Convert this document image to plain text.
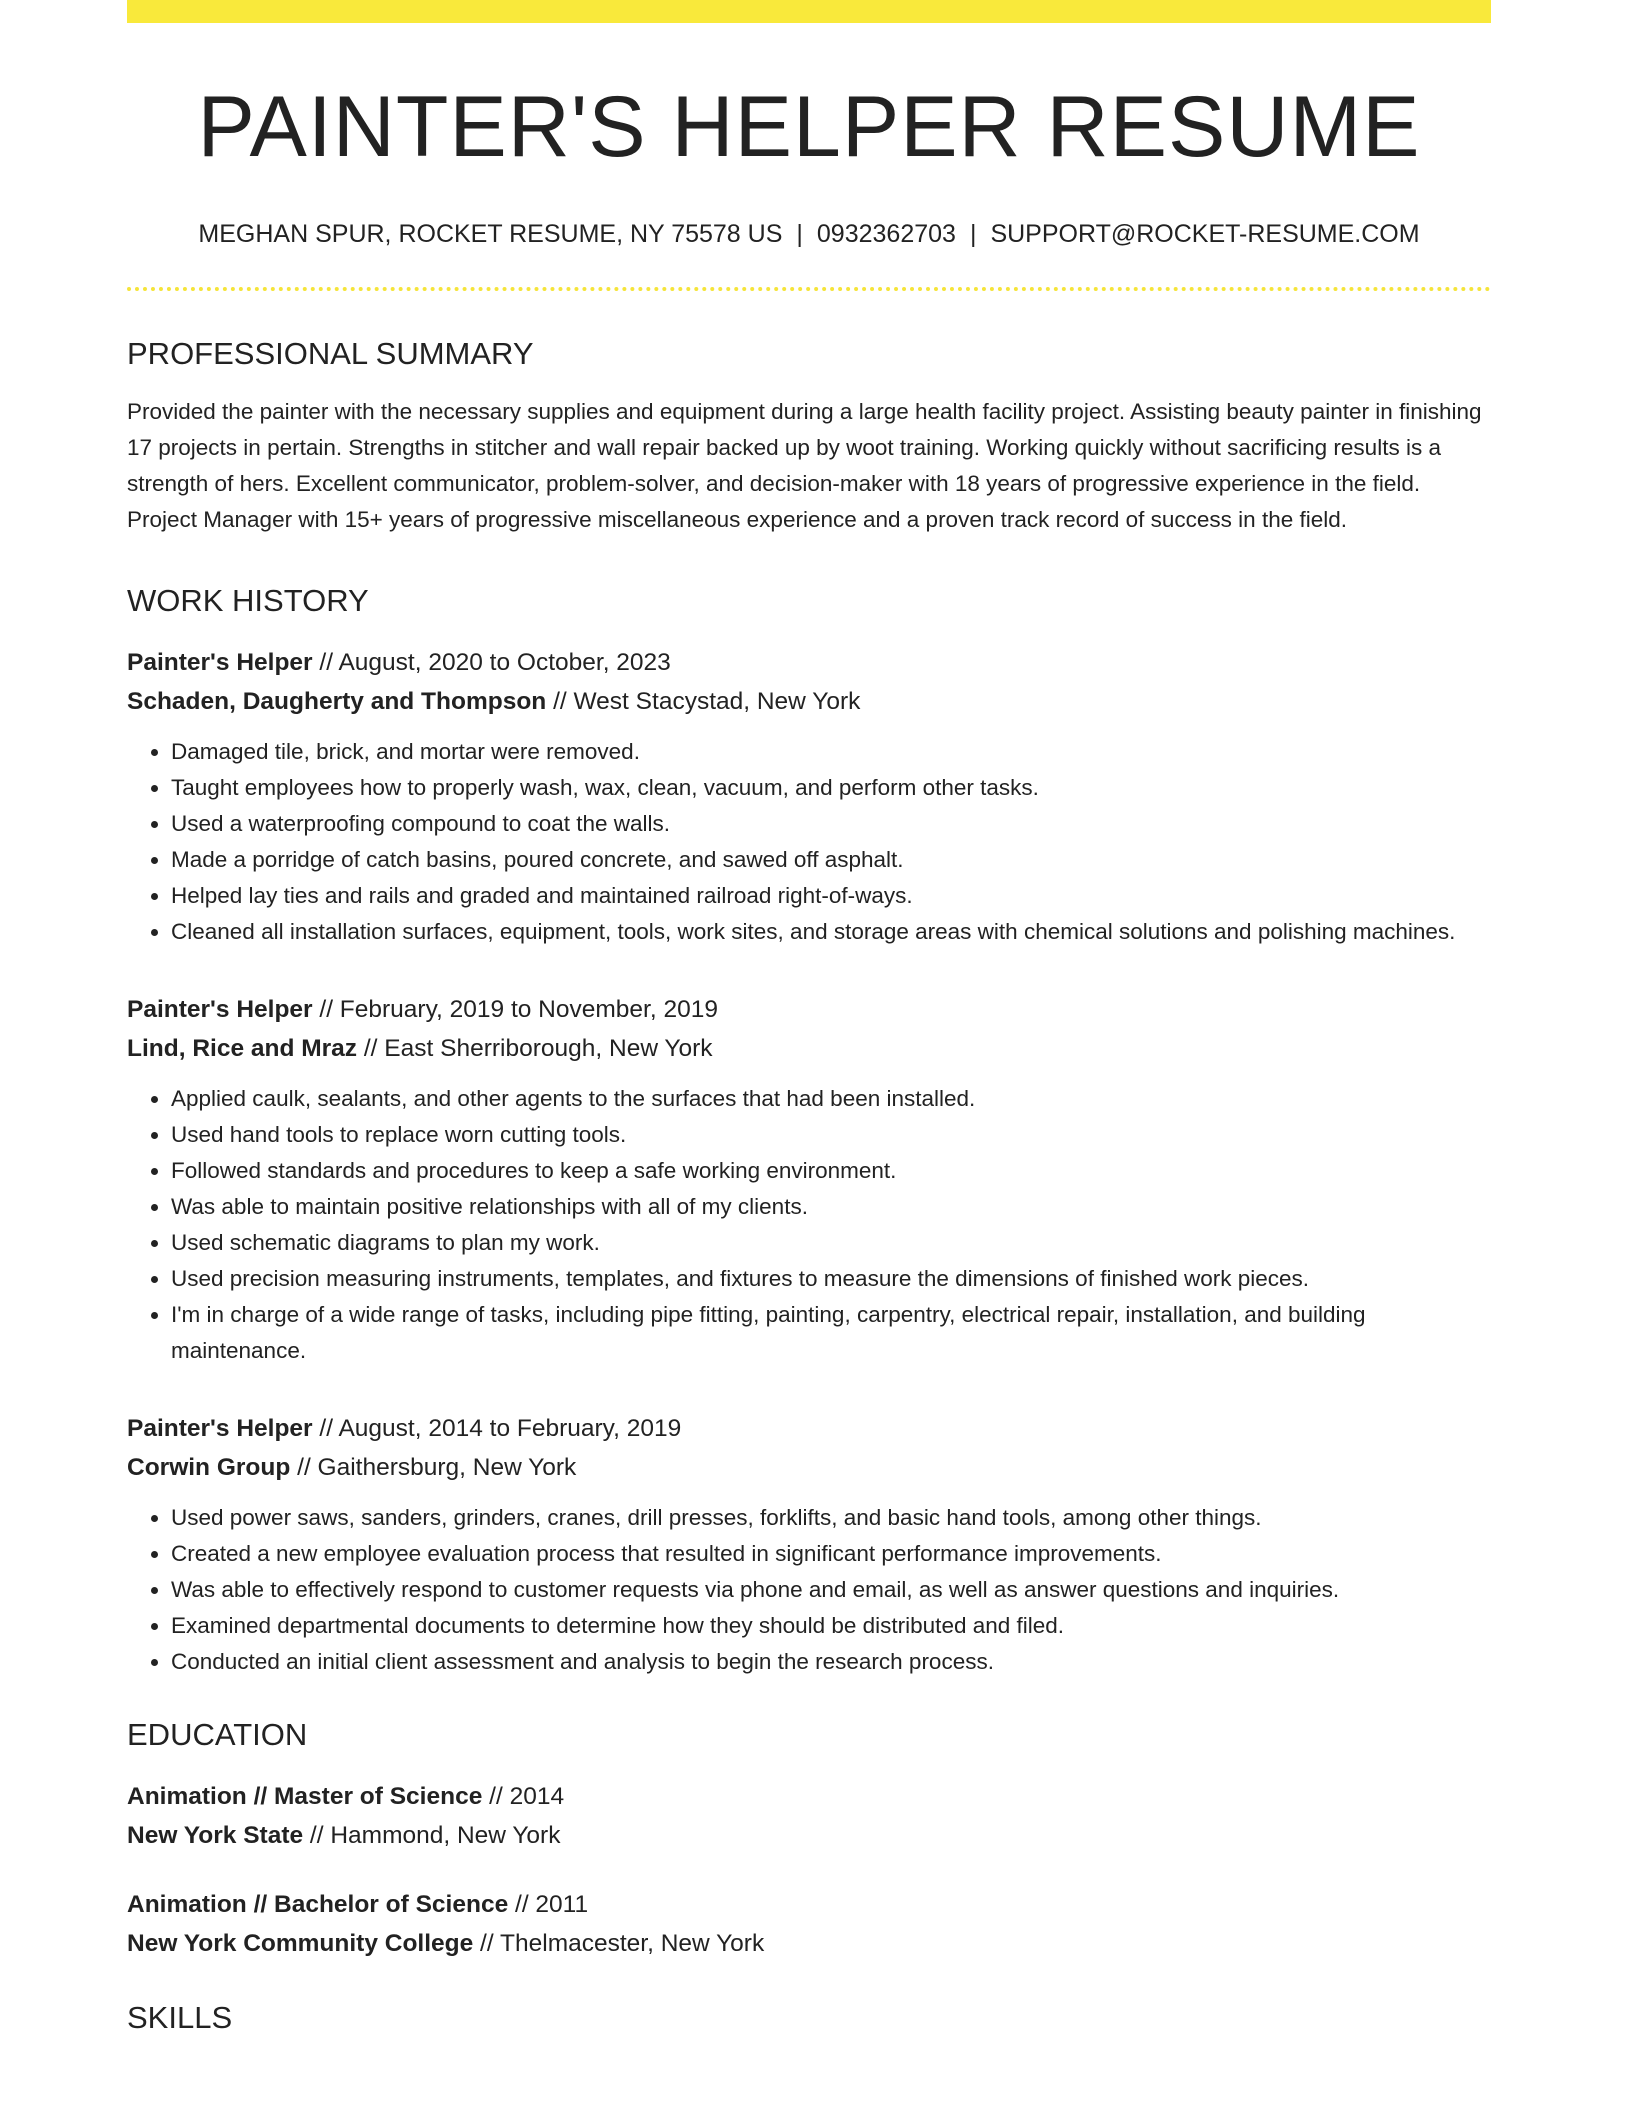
PAINTER'S HELPER RESUME
MEGHAN SPUR, ROCKET RESUME, NY 75578 US | 0932362703 | SUPPORT@ROCKET-RESUME.COM
PROFESSIONAL SUMMARY

Provided the painter with the necessary supplies and equipment during a large health facility project. Assisting beauty painter in finishing 17 projects in pertain. Strengths in stitcher and wall repair backed up by woot training. Working quickly without sacrificing results is a strength of hers. Excellent communicator, problem-solver, and decision-maker with 18 years of progressive experience in the field. Project Manager with 15+ years of progressive miscellaneous experience and a proven track record of success in the field.

WORK HISTORY
Painter's Helper // August, 2020 to October, 2023
Schaden, Daugherty and Thompson // West Stacystad, New York
• Damaged tile, brick, and mortar were removed.
• Taught employees how to properly wash, wax, clean, vacuum, and perform other tasks.
• Used a waterproofing compound to coat the walls.
• Made a porridge of catch basins, poured concrete, and sawed off asphalt.
• Helped lay ties and rails and graded and maintained railroad right-of-ways.
• Cleaned all installation surfaces, equipment, tools, work sites, and storage areas with chemical solutions and polishing machines.
Painter's Helper // February, 2019 to November, 2019
Lind, Rice and Mraz // East Sherriborough, New York
• Applied caulk, sealants, and other agents to the surfaces that had been installed.
• Used hand tools to replace worn cutting tools.
• Followed standards and procedures to keep a safe working environment.
• Was able to maintain positive relationships with all of my clients.
• Used schematic diagrams to plan my work.
• Used precision measuring instruments, templates, and fixtures to measure the dimensions of finished work pieces.
• I'm in charge of a wide range of tasks, including pipe fitting, painting, carpentry, electrical repair, installation, and building maintenance.
Painter's Helper // August, 2014 to February, 2019
Corwin Group // Gaithersburg, New York
• Used power saws, sanders, grinders, cranes, drill presses, forklifts, and basic hand tools, among other things.
• Created a new employee evaluation process that resulted in significant performance improvements.
• Was able to effectively respond to customer requests via phone and email, as well as answer questions and inquiries.
• Examined departmental documents to determine how they should be distributed and filed.
• Conducted an initial client assessment and analysis to begin the research process.
EDUCATION
Animation // Master of Science // 2014
New York State // Hammond, New York
Animation // Bachelor of Science // 2011
New York Community College // Thelmacester, New York
SKILLS
